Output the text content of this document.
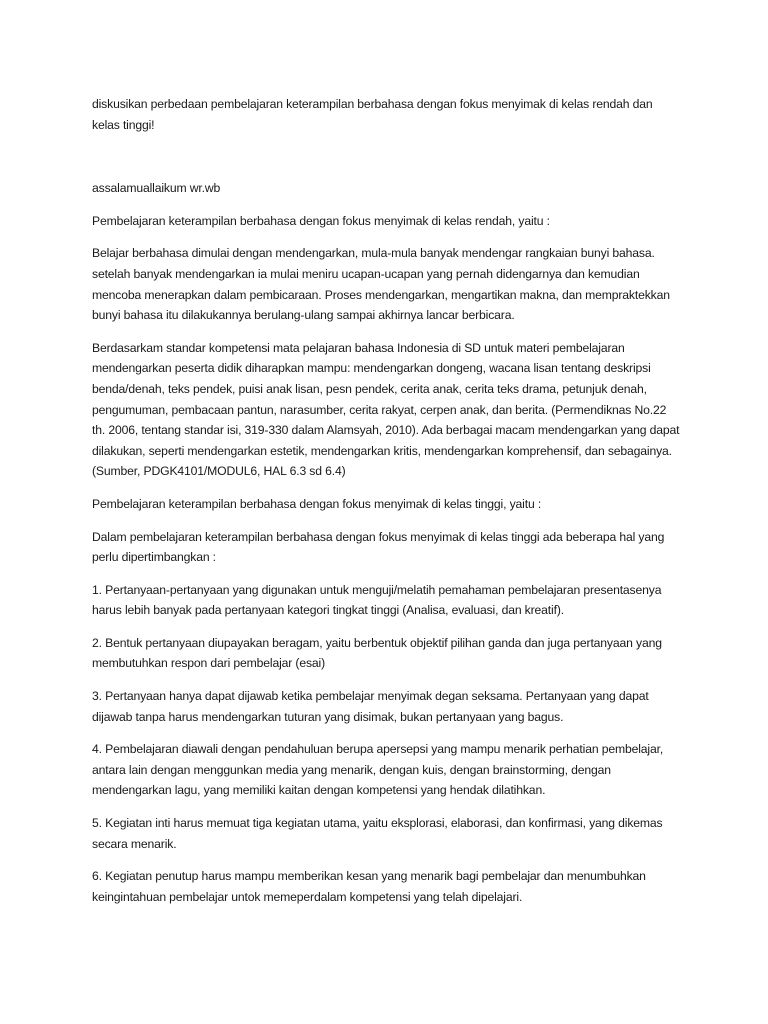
diskusikan perbedaan pembelajaran keterampilan berbahasa dengan fokus menyimak di kelas rendah dan kelas tinggi!

assalamuallaikum wr.wb

Pembelajaran keterampilan berbahasa dengan fokus menyimak di kelas rendah, yaitu :

Belajar berbahasa dimulai dengan mendengarkan, mula-mula banyak mendengar rangkaian bunyi bahasa. setelah banyak mendengarkan ia mulai meniru ucapan-ucapan yang pernah didengarnya dan kemudian mencoba menerapkan dalam pembicaraan. Proses mendengarkan, mengartikan makna, dan mempraktekkan bunyi bahasa itu dilakukannya berulang-ulang sampai akhirnya lancar berbicara.

Berdasarkam standar kompetensi mata pelajaran bahasa Indonesia di SD untuk materi pembelajaran mendengarkan peserta didik diharapkan mampu: mendengarkan dongeng, wacana lisan tentang deskripsi benda/denah, teks pendek, puisi anak lisan, pesn pendek, cerita anak, cerita teks drama, petunjuk denah, pengumuman, pembacaan pantun, narasumber, cerita rakyat, cerpen anak, dan berita. (Permendiknas No.22 th. 2006, tentang standar isi, 319-330 dalam Alamsyah, 2010). Ada berbagai macam mendengarkan yang dapat dilakukan, seperti mendengarkan estetik, mendengarkan kritis, mendengarkan komprehensif, dan sebagainya. (Sumber, PDGK4101/MODUL6, HAL 6.3 sd 6.4)

Pembelajaran keterampilan berbahasa dengan fokus menyimak di kelas tinggi, yaitu :

Dalam pembelajaran keterampilan berbahasa dengan fokus menyimak di kelas tinggi ada beberapa hal yang perlu dipertimbangkan :

1. Pertanyaan-pertanyaan yang digunakan untuk menguji/melatih pemahaman pembelajaran presentasenya harus lebih banyak pada pertanyaan kategori tingkat tinggi (Analisa, evaluasi, dan kreatif).

2. Bentuk pertanyaan diupayakan beragam, yaitu berbentuk objektif pilihan ganda dan juga pertanyaan yang membutuhkan respon dari pembelajar (esai)

3. Pertanyaan hanya dapat dijawab ketika pembelajar menyimak degan seksama. Pertanyaan yang dapat dijawab tanpa harus mendengarkan tuturan yang disimak, bukan pertanyaan yang bagus.

4. Pembelajaran diawali dengan pendahuluan berupa apersepsi yang mampu menarik perhatian pembelajar, antara lain dengan menggunkan media yang menarik, dengan kuis, dengan brainstorming, dengan mendengarkan lagu, yang memiliki kaitan dengan kompetensi yang hendak dilatihkan.

5. Kegiatan inti harus memuat tiga kegiatan utama, yaitu eksplorasi, elaborasi, dan konfirmasi, yang dikemas secara menarik.

6. Kegiatan penutup harus mampu memberikan kesan yang menarik bagi pembelajar dan menumbuhkan keingintahuan pembelajar untok memeperdalam kompetensi yang telah dipelajari.
